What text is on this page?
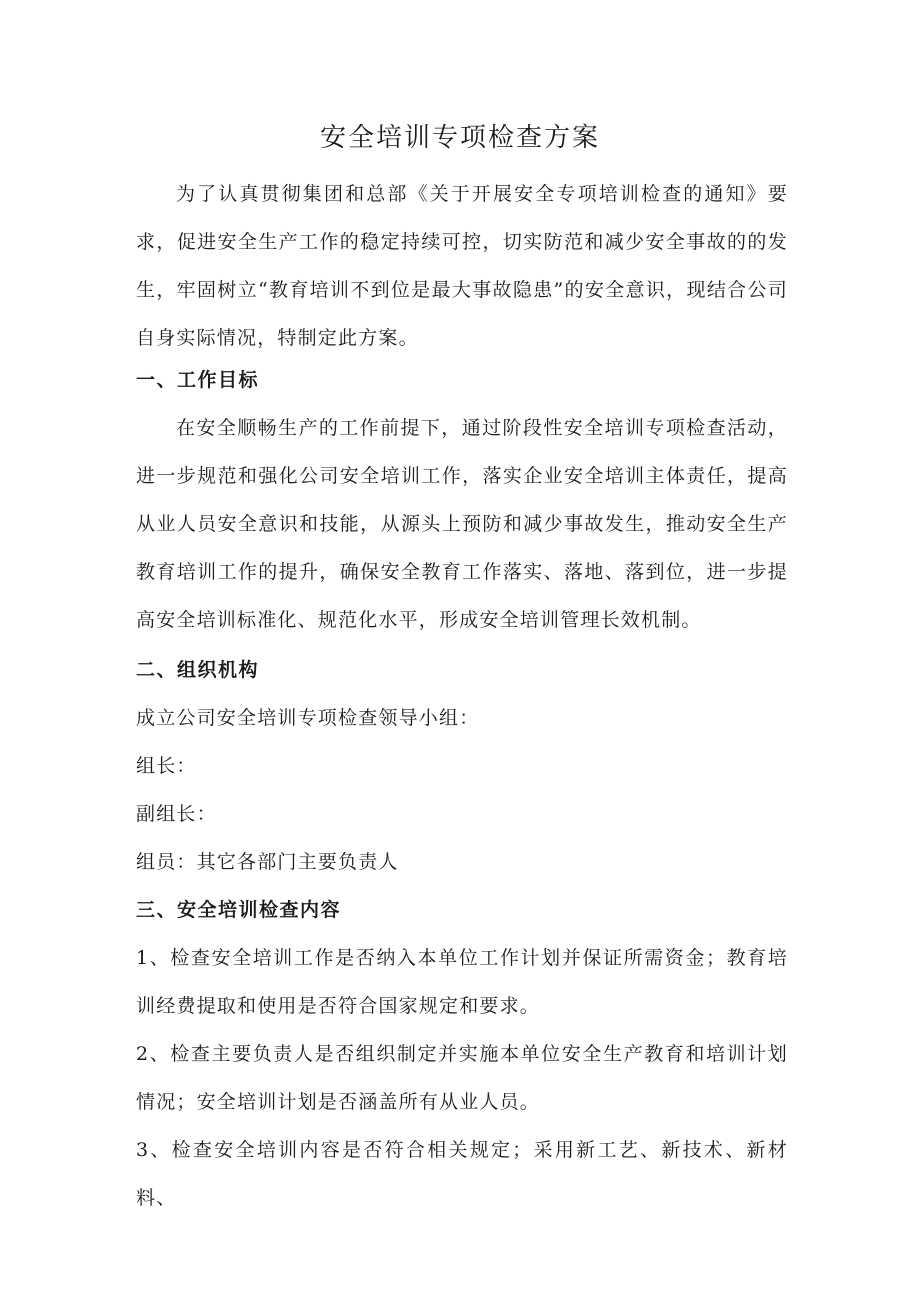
安全培训专项检查方案

为了认真贯彻集团和总部《关于开展安全专项培训检查的通知》要求，促进安全生产工作的稳定持续可控，切实防范和减少安全事故的的发生，牢固树立“教育培训不到位是最大事故隐患”的安全意识，现结合公司自身实际情况，特制定此方案。

一、工作目标

在安全顺畅生产的工作前提下，通过阶段性安全培训专项检查活动，进一步规范和强化公司安全培训工作，落实企业安全培训主体责任，提高从业人员安全意识和技能，从源头上预防和减少事故发生，推动安全生产教育培训工作的提升，确保安全教育工作落实、落地、落到位，进一步提高安全培训标准化、规范化水平，形成安全培训管理长效机制。

二、组织机构

成立公司安全培训专项检查领导小组：

组长：

副组长：

组员：其它各部门主要负责人

三、安全培训检查内容

1、检查安全培训工作是否纳入本单位工作计划并保证所需资金；教育培训经费提取和使用是否符合国家规定和要求。

2、检查主要负责人是否组织制定并实施本单位安全生产教育和培训计划情况；安全培训计划是否涵盖所有从业人员。

3、检查安全培训内容是否符合相关规定；采用新工艺、新技术、新材料、
